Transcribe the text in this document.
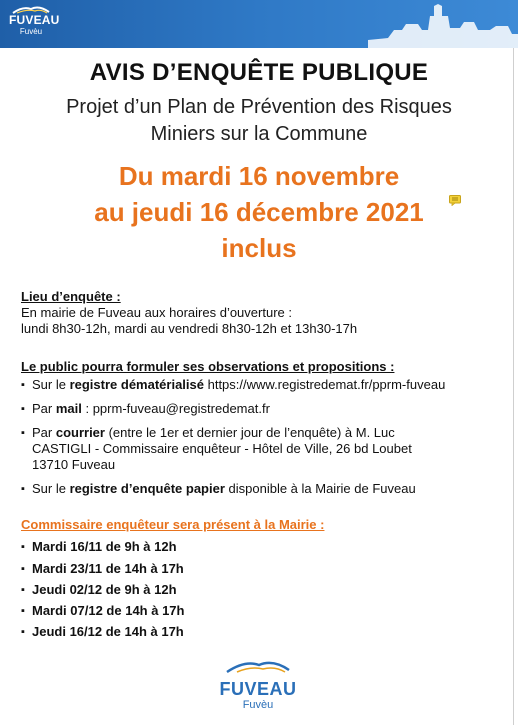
FUVEAU
Fuvèu
AVIS D’ENQUÊTE PUBLIQUE
Projet d’un Plan de Prévention des Risques
Miniers sur la Commune
Du mardi 16 novembre
au jeudi 16 décembre 2021
inclus
Lieu d’enquête :
En mairie de Fuveau aux horaires d’ouverture :
lundi 8h30-12h, mardi au vendredi 8h30-12h et 13h30-17h
Le public pourra formuler ses observations et propositions :
▪ Sur le registre dématérialisé https://www.registredemat.fr/pprm-fuveau
▪ Par mail : pprm-fuveau@registredemat.fr
▪ Par courrier (entre le 1er et dernier jour de l’enquête) à M. Luc
CASTIGLI - Commissaire enquêteur - Hôtel de Ville, 26 bd Loubet
13710 Fuveau
▪ Sur le registre d’enquête papier disponible à la Mairie de Fuveau
Commissaire enquêteur sera présent à la Mairie :
▪ Mardi 16/11 de 9h à 12h
▪ Mardi 23/11 de 14h à 17h
▪ Jeudi 02/12 de 9h à 12h
▪ Mardi 07/12 de 14h à 17h
▪ Jeudi 16/12 de 14h à 17h
FUVEAU
Fuvèu
